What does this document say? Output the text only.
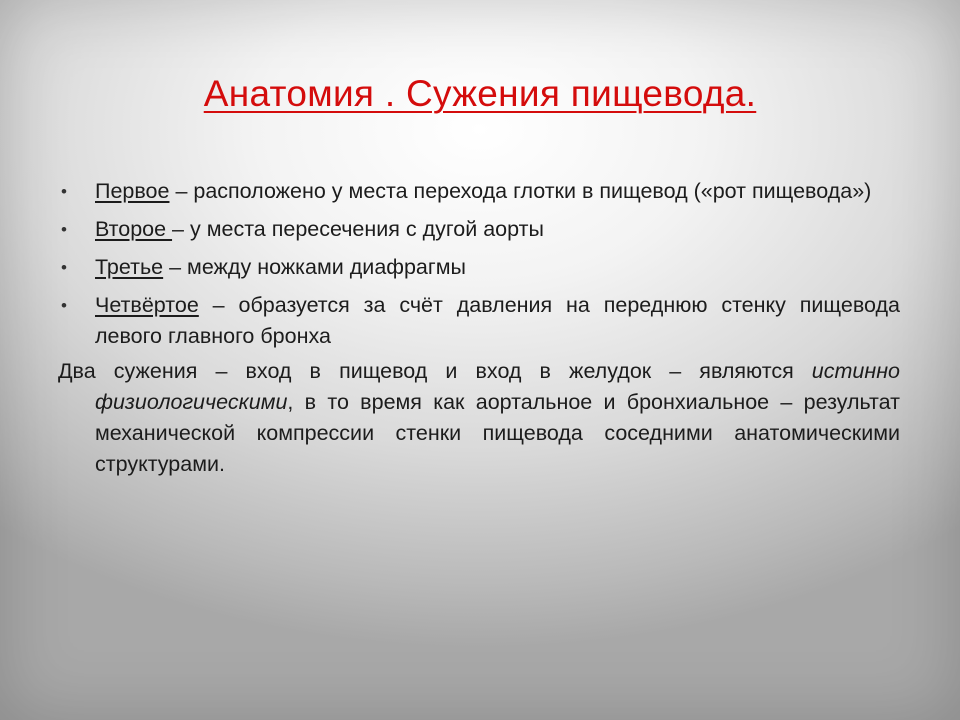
Анатомия . Сужения пищевода.
• Первое – расположено у места перехода глотки в пищевод («рот пищевода»)
• Второе – у места пересечения с дугой аорты
• Третье – между ножками диафрагмы
• Четвёртое – образуется за счёт давления на переднюю стенку пищевода левого главного бронха
Два сужения – вход в пищевод и вход в желудок – являются истинно физиологическими, в то время как аортальное и бронхиальное – результат механической компрессии стенки пищевода соседними анатомическими структурами.
